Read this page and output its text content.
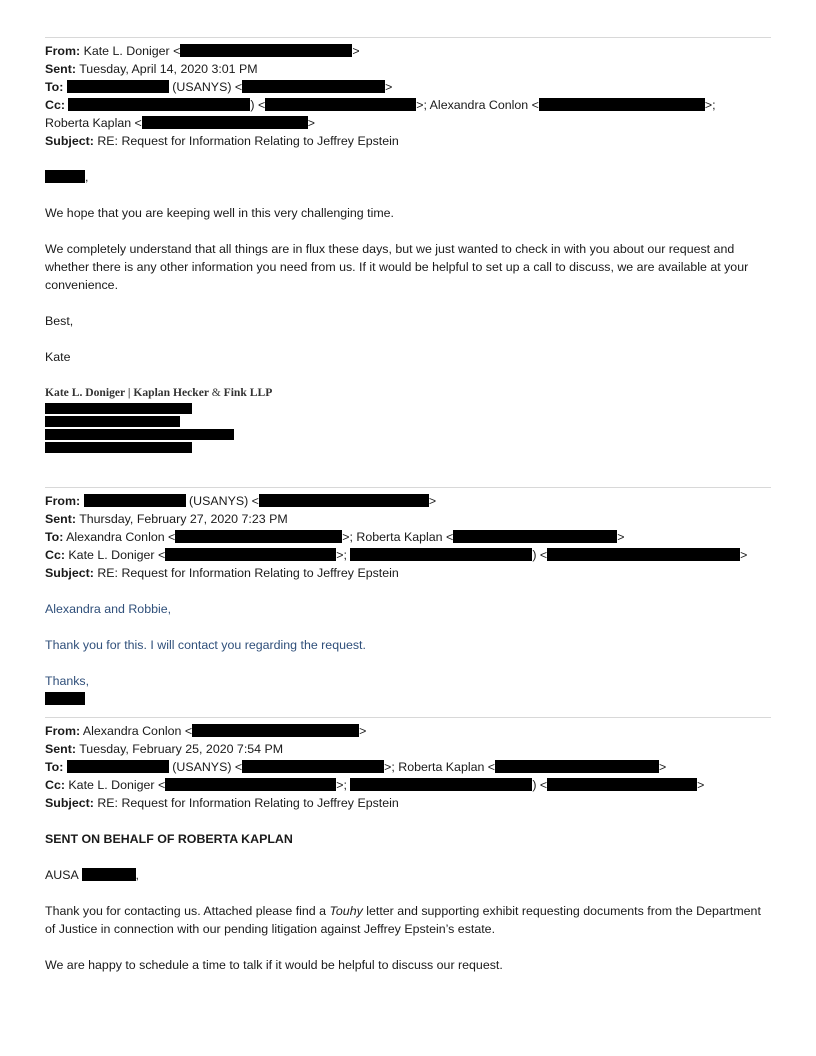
From: Kate L. Doniger <	>
Sent: Tuesday, April 14, 2020 3:01 PM
To:	(USANYS) <	>
Cc:	) <	>; Alexandra Conlon <	>;
Roberta Kaplan <	>
Subject: RE: Request for Information Relating to Jeffrey Epstein
,

We hope that you are keeping well in this very challenging time.

We completely understand that all things are in flux these days, but we just wanted to check in with you about our request and whether there is any other information you need from us. If it would be helpful to set up a call to discuss, we are available at your convenience.

Best,

Kate

Kate L. Doniger | Kaplan Hecker & Fink LLP
From:	(USANYS) <	>
Sent: Thursday, February 27, 2020 7:23 PM
To: Alexandra Conlon <	>; Roberta Kaplan <	>
Cc: Kate L. Doniger <	>;	) <	>
Subject: RE: Request for Information Relating to Jeffrey Epstein

Alexandra and Robbie,

Thank you for this. I will contact you regarding the request.

Thanks,

From: Alexandra Conlon <	>
Sent: Tuesday, February 25, 2020 7:54 PM
To:	(USANYS) <	>; Roberta Kaplan <	>
Cc: Kate L. Doniger <	>;	) <	>
Subject: RE: Request for Information Relating to Jeffrey Epstein

SENT ON BEHALF OF ROBERTA KAPLAN

AUSA	,

Thank you for contacting us. Attached please find a Touhy letter and supporting exhibit requesting documents from the Department of Justice in connection with our pending litigation against Jeffrey Epstein’s estate.

We are happy to schedule a time to talk if it would be helpful to discuss our request.
